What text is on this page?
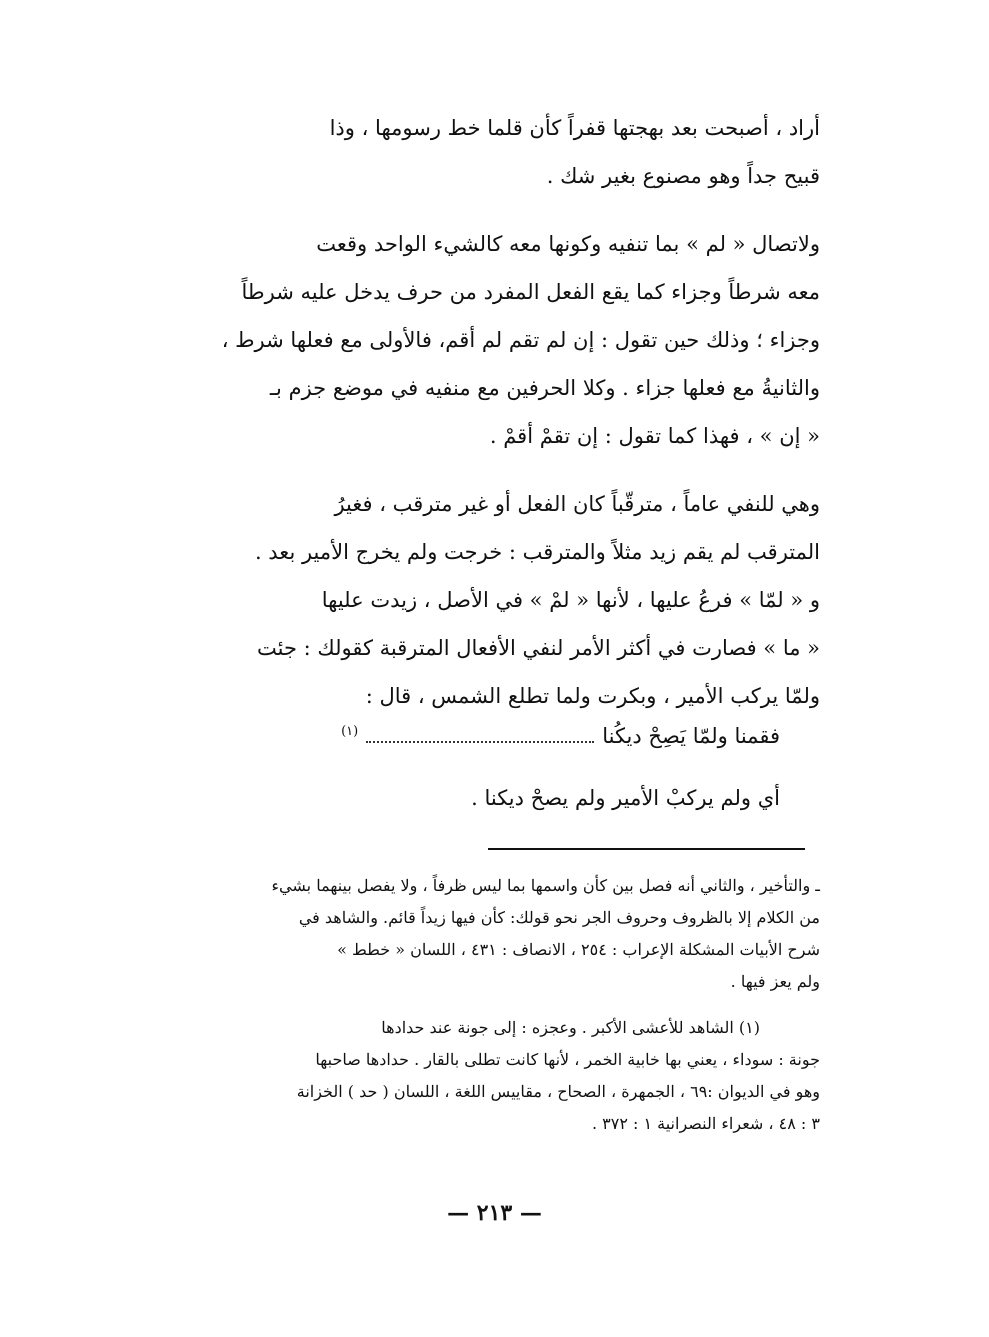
أراد ، أصبحت بعد بهجتها قفراً كأن قلما خط رسومها ، وذا
قبيح جداً وهو مصنوع بغير شك .

ولاتصال « لم » بما تنفيه وكونها معه كالشيء الواحد وقعت
معه شرطاً وجزاء كما يقع الفعل المفرد من حرف يدخل عليه شرطاً
وجزاء ؛ وذلك حين تقول : إن لم تقم لم أقم، فالأولى مع فعلها شرط ،
والثانيةُ مع فعلها جزاء . وكلا الحرفين مع منفيه في موضع جزم بـ
« إن » ، فهذا كما تقول : إن تقمْ أقمْ .

وهي للنفي عاماً ، مترقّباً كان الفعل أو غير مترقب ، فغيرُ
المترقب لم يقم زيد مثلاً والمترقب : خرجت ولم يخرج الأمير بعد .

و « لمّا » فرعُ عليها ، لأنها « لمْ » في الأصل ، زيدت عليها
« ما » فصارت في أكثر الأمر لنفي الأفعال المترقبة كقولك : جئت
ولمّا يركب الأمير ، وبكرت ولما تطلع الشمس ، قال :

فقمنا ولمّا يَصِحْ ديكُنا
(١)
أي ولم يركبْ الأمير ولم يصحْ ديكنا .

ـ والتأخير ، والثاني أنه فصل بين كأن واسمها بما ليس ظرفاً ، ولا يفصل بينهما بشيء
من الكلام إلا بالظروف وحروف الجر نحو قولك: كأن فيها زيداً قائم. والشاهد في
شرح الأبيات المشكلة الإعراب : ٢٥٤ ، الانصاف : ٤٣١ ، اللسان « خطط »
ولم يعز فيها .

(١) الشاهد للأعشى الأكبر . وعجزه : إلى جونة عند حدادها
جونة : سوداء ، يعني بها خابية الخمر ، لأنها كانت تطلى بالقار . حدادها صاحبها
وهو في الديوان :٦٩ ، الجمهرة ، الصحاح ، مقاييس اللغة ، اللسان ( حد ) الخزانة
٣ : ٤٨ ، شعراء النصرانية ١ : ٣٧٢ .

— ٢١٣ —
